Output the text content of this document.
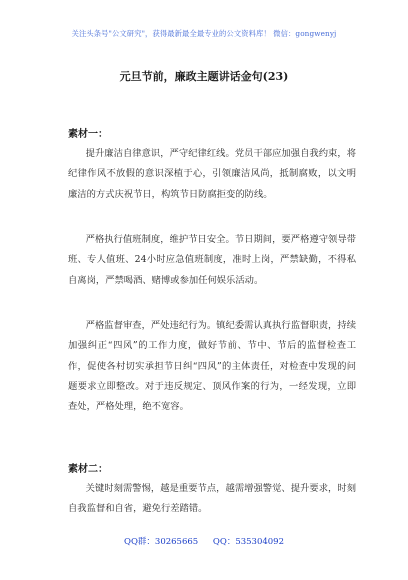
关注头条号"公文研究"，获得最新最全最专业的公文资料库！ 微信：gongwenyj
元旦节前，廉政主题讲话金句(23)
素材一：

提升廉洁自律意识，严守纪律红线。党员干部应加强自我约束，将纪律作风不放假的意识深植于心，引领廉洁风尚，抵制腐败，以文明廉洁的方式庆祝节日，构筑节日防腐拒变的防线。

严格执行值班制度，维护节日安全。节日期间，要严格遵守领导带班、专人值班、24小时应急值班制度，准时上岗，严禁缺勤，不得私自离岗，严禁喝酒、赌博或参加任何娱乐活动。

严格监督审查，严处违纪行为。镇纪委需认真执行监督职责，持续加强纠正“四风”的工作力度，做好节前、节中、节后的监督检查工作，促使各村切实承担节日纠“四风”的主体责任，对检查中发现的问题要求立即整改。对于违反规定、顶风作案的行为，一经发现，立即查处，严格处理，绝不宽容。

素材二：

关键时刻需警惕，越是重要节点，越需增强警觉、提升要求，时刻自我监督和自省，避免行差踏错。

QQ群：30265665 QQ：535304092
